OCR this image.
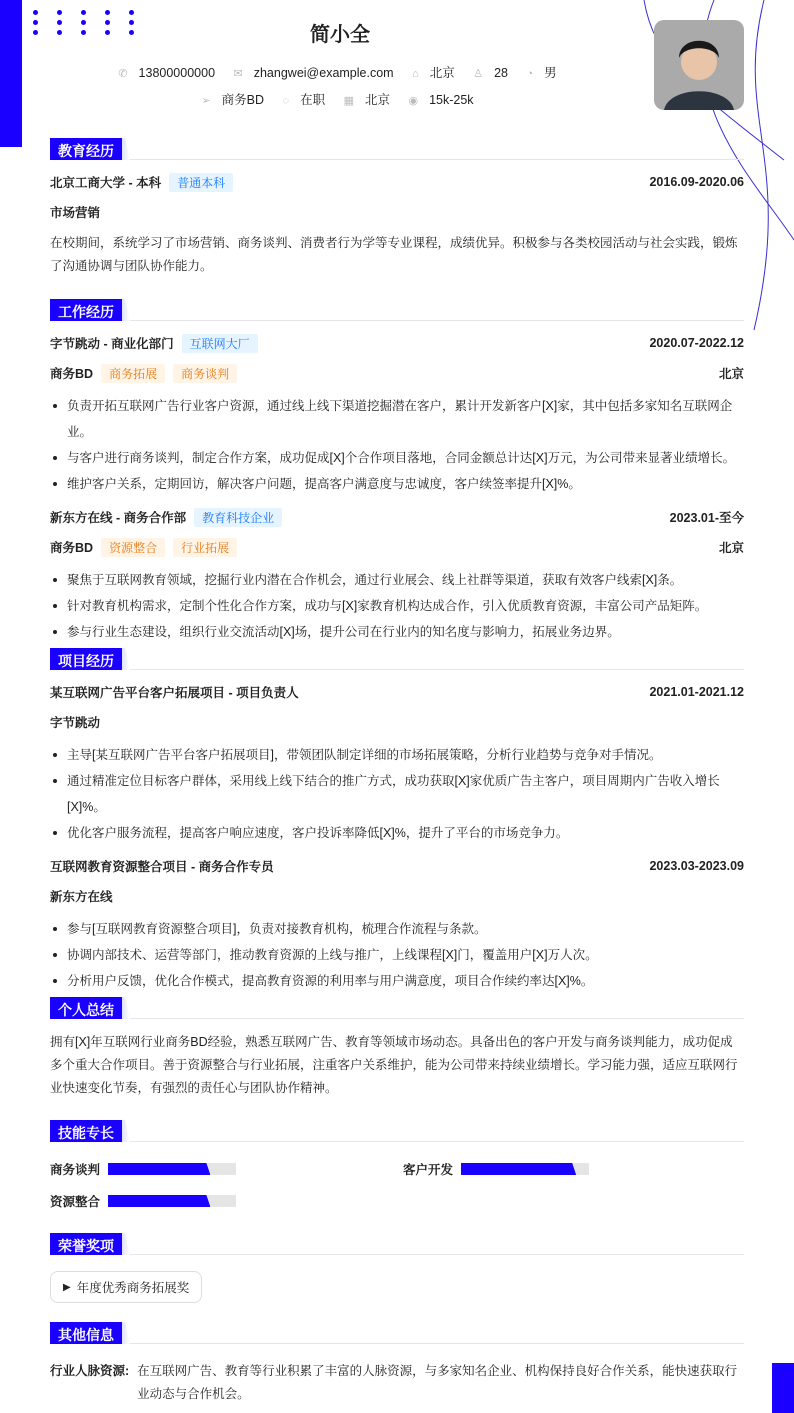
简小全
✆ 13800000000 ✉ zhangwei@example.com ⌂ 北京 ♙ 28 ◔ 男
➢ 商务BD ◌ 在职 ▦ 北京 ◉ 15k-25k
教育经历
北京工商大学 - 本科 普通本科	2016.09-2020.06
市场营销

在校期间，系统学习了市场营销、商务谈判、消费者行为学等专业课程，成绩优异。积极参与各类校园活动与社会实践，锻炼了沟通协调与团队协作能力。

工作经历
字节跳动 - 商业化部门 互联网大厂	2020.07-2022.12
商务BD 商务拓展 商务谈判	北京
负责开拓互联网广告行业客户资源，通过线上线下渠道挖掘潜在客户，累计开发新客户[X]家，其中包括多家知名互联网企业。
与客户进行商务谈判，制定合作方案，成功促成[X]个合作项目落地，合同金额总计达[X]万元，为公司带来显著业绩增长。
维护客户关系，定期回访，解决客户问题，提高客户满意度与忠诚度，客户续签率提升[X]%。
新东方在线 - 商务合作部 教育科技企业	2023.01-至今
商务BD 资源整合 行业拓展	北京
聚焦于互联网教育领域，挖掘行业内潜在合作机会，通过行业展会、线上社群等渠道，获取有效客户线索[X]条。
针对教育机构需求，定制个性化合作方案，成功与[X]家教育机构达成合作，引入优质教育资源，丰富公司产品矩阵。
参与行业生态建设，组织行业交流活动[X]场，提升公司在行业内的知名度与影响力，拓展业务边界。
项目经历
某互联网广告平台客户拓展项目 - 项目负责人	2021.01-2021.12
字节跳动
主导[某互联网广告平台客户拓展项目]，带领团队制定详细的市场拓展策略，分析行业趋势与竞争对手情况。
通过精准定位目标客户群体，采用线上线下结合的推广方式，成功获取[X]家优质广告主客户，项目周期内广告收入增长[X]%。
优化客户服务流程，提高客户响应速度，客户投诉率降低[X]%，提升了平台的市场竞争力。
互联网教育资源整合项目 - 商务合作专员	2023.03-2023.09
新东方在线
参与[互联网教育资源整合项目]，负责对接教育机构，梳理合作流程与条款。
协调内部技术、运营等部门，推动教育资源的上线与推广，上线课程[X]门，覆盖用户[X]万人次。
分析用户反馈，优化合作模式，提高教育资源的利用率与用户满意度，项目合作续约率达[X]%。
个人总结

拥有[X]年互联网行业商务BD经验，熟悉互联网广告、教育等领域市场动态。具备出色的客户开发与商务谈判能力，成功促成多个重大合作项目。善于资源整合与行业拓展，注重客户关系维护，能为公司带来持续业绩增长。学习能力强，适应互联网行业快速变化节奏，有强烈的责任心与团队协作精神。

技能专长
商务谈判	客户开发
资源整合
荣誉奖项
▶ 年度优秀商务拓展奖
其他信息
行业人脉资源: 在互联网广告、教育等行业积累了丰富的人脉资源，与多家知名企业、机构保持良好合作关系，能快速获取行业动态与合作机会。
